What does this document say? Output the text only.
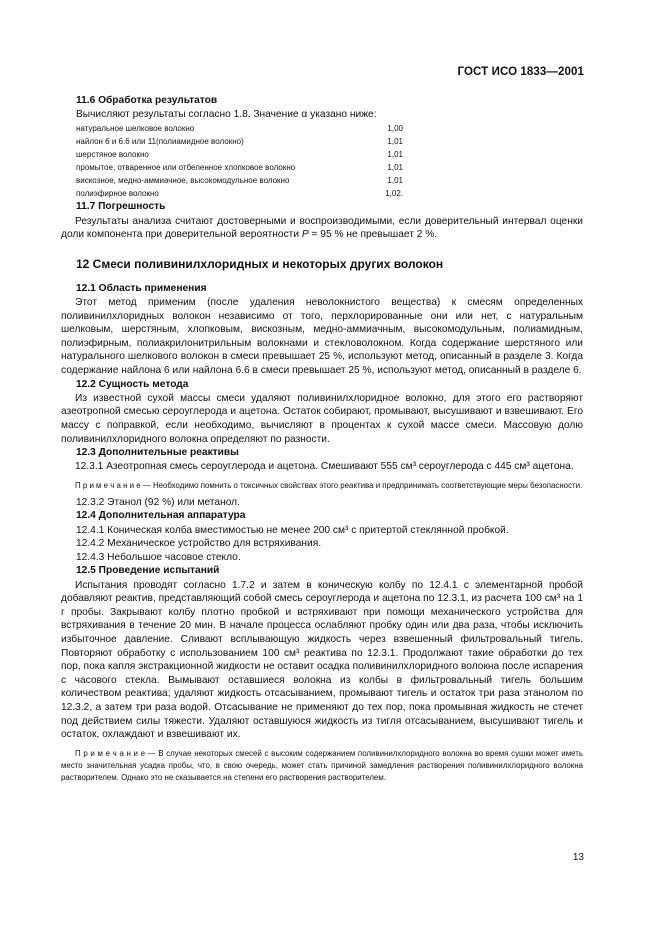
ГОСТ ИСО 1833—2001

11.6 Обработка результатов

Вычисляют результаты согласно 1.8. Значение α указано ниже:

натуральное шелковое волокно	1,00
найлон 6 и 6.6 или 11(полиамидное волокно)	1,01
шерстяное волокно	1,01
промытое, отваренное или отбеленное хлопковое волокно	1,01
вискозное, медно-аммиачное, высокомодульное волокно	1,01
полиэфирное волокно	1,02.

11.7 Погрешность

Результаты анализа считают достоверными и воспроизводимыми, если доверительный интервал оценки доли компонента при доверительной вероятности P = 95 % не превышает 2 %.

12 Смеси поливинилхлоридных и некоторых других волокон

12.1 Область применения

Этот метод применим (после удаления неволокнистого вещества) к смесям определенных поливинилхлоридных волокон независимо от того, перхлорированные они или нет, с натуральным шелковым, шерстяным, хлопковым, вискозным, медно-аммиачным, высокомодульным, полиамидным, полиэфирным, полиакрилонитрильным волокнами и стекловолокном. Когда содержание шерстяного или натурального шелкового волокон в смеси превышает 25 %, используют метод, описанный в разделе 3. Когда содержание найлона 6 или найлона 6.6 в смеси превышает 25 %, используют метод, описанный в разделе 6.

12.2 Сущность метода

Из известной сухой массы смеси удаляют поливинилхлоридное волокно, для этого его растворяют азеотропной смесью сероуглерода и ацетона. Остаток собирают, промывают, высушивают и взвешивают. Его массу с поправкой, если необходимо, вычисляют в процентах к сухой массе смеси. Массовую долю поливинилхлоридного волокна определяют по разности.

12.3 Дополнительные реактивы

12.3.1 Азеотропная смесь сероуглерода и ацетона. Смешивают 555 см³ сероуглерода с 445 см³ ацетона.

П р и м е ч а н и е — Необходимо помнить о токсичных свойствах этого реактива и предпринимать соответствующие меры безопасности.

12.3.2 Этанол (92 %) или метанол.

12.4 Дополнительная аппаратура

12.4.1 Коническая колба вместимостью не менее 200 см³ с притертой стеклянной пробкой.

12.4.2 Механическое устройство для встряхивания.

12.4.3 Небольшое часовое стекло.

12.5 Проведение испытаний

Испытания проводят согласно 1.7.2 и затем в коническую колбу по 12.4.1 с элементарной пробой добавляют реактив, представляющий собой смесь сероуглерода и ацетона по 12.3.1, из расчета 100 см³ на 1 г пробы. Закрывают колбу плотно пробкой и встряхивают при помощи механического устройства для встряхивания в течение 20 мин. В начале процесса ослабляют пробку один или два раза, чтобы исключить избыточное давление. Сливают всплывающую жидкость через взвешенный фильтровальный тигель. Повторяют обработку с использованием 100 см³ реактива по 12.3.1. Продолжают такие обработки до тех пор, пока капля экстракционной жидкости не оставит осадка поливинилхлоридного волокна после испарения с часового стекла. Вымывают оставшиеся волокна из колбы в фильтровальный тигель большим количеством реактива; удаляют жидкость отсасыванием, промывают тигель и остаток три раза этанолом по 12.3.2, а затем три раза водой. Отсасывание не применяют до тех пор, пока промывная жидкость не стечет под действием силы тяжести. Удаляют оставшуюся жидкость из тигля отсасыванием, высушивают тигель и остаток, охлаждают и взвешивают их.

П р и м е ч а н и е — В случае некоторых смесей с высоким содержанием поливинилхлоридного волокна во время сушки может иметь место значительная усадка пробы, что, в свою очередь, может стать причиной замедления растворения поливинилхлоридного волокна растворителем. Однако это не сказывается на степени его растворения растворителем.

13
